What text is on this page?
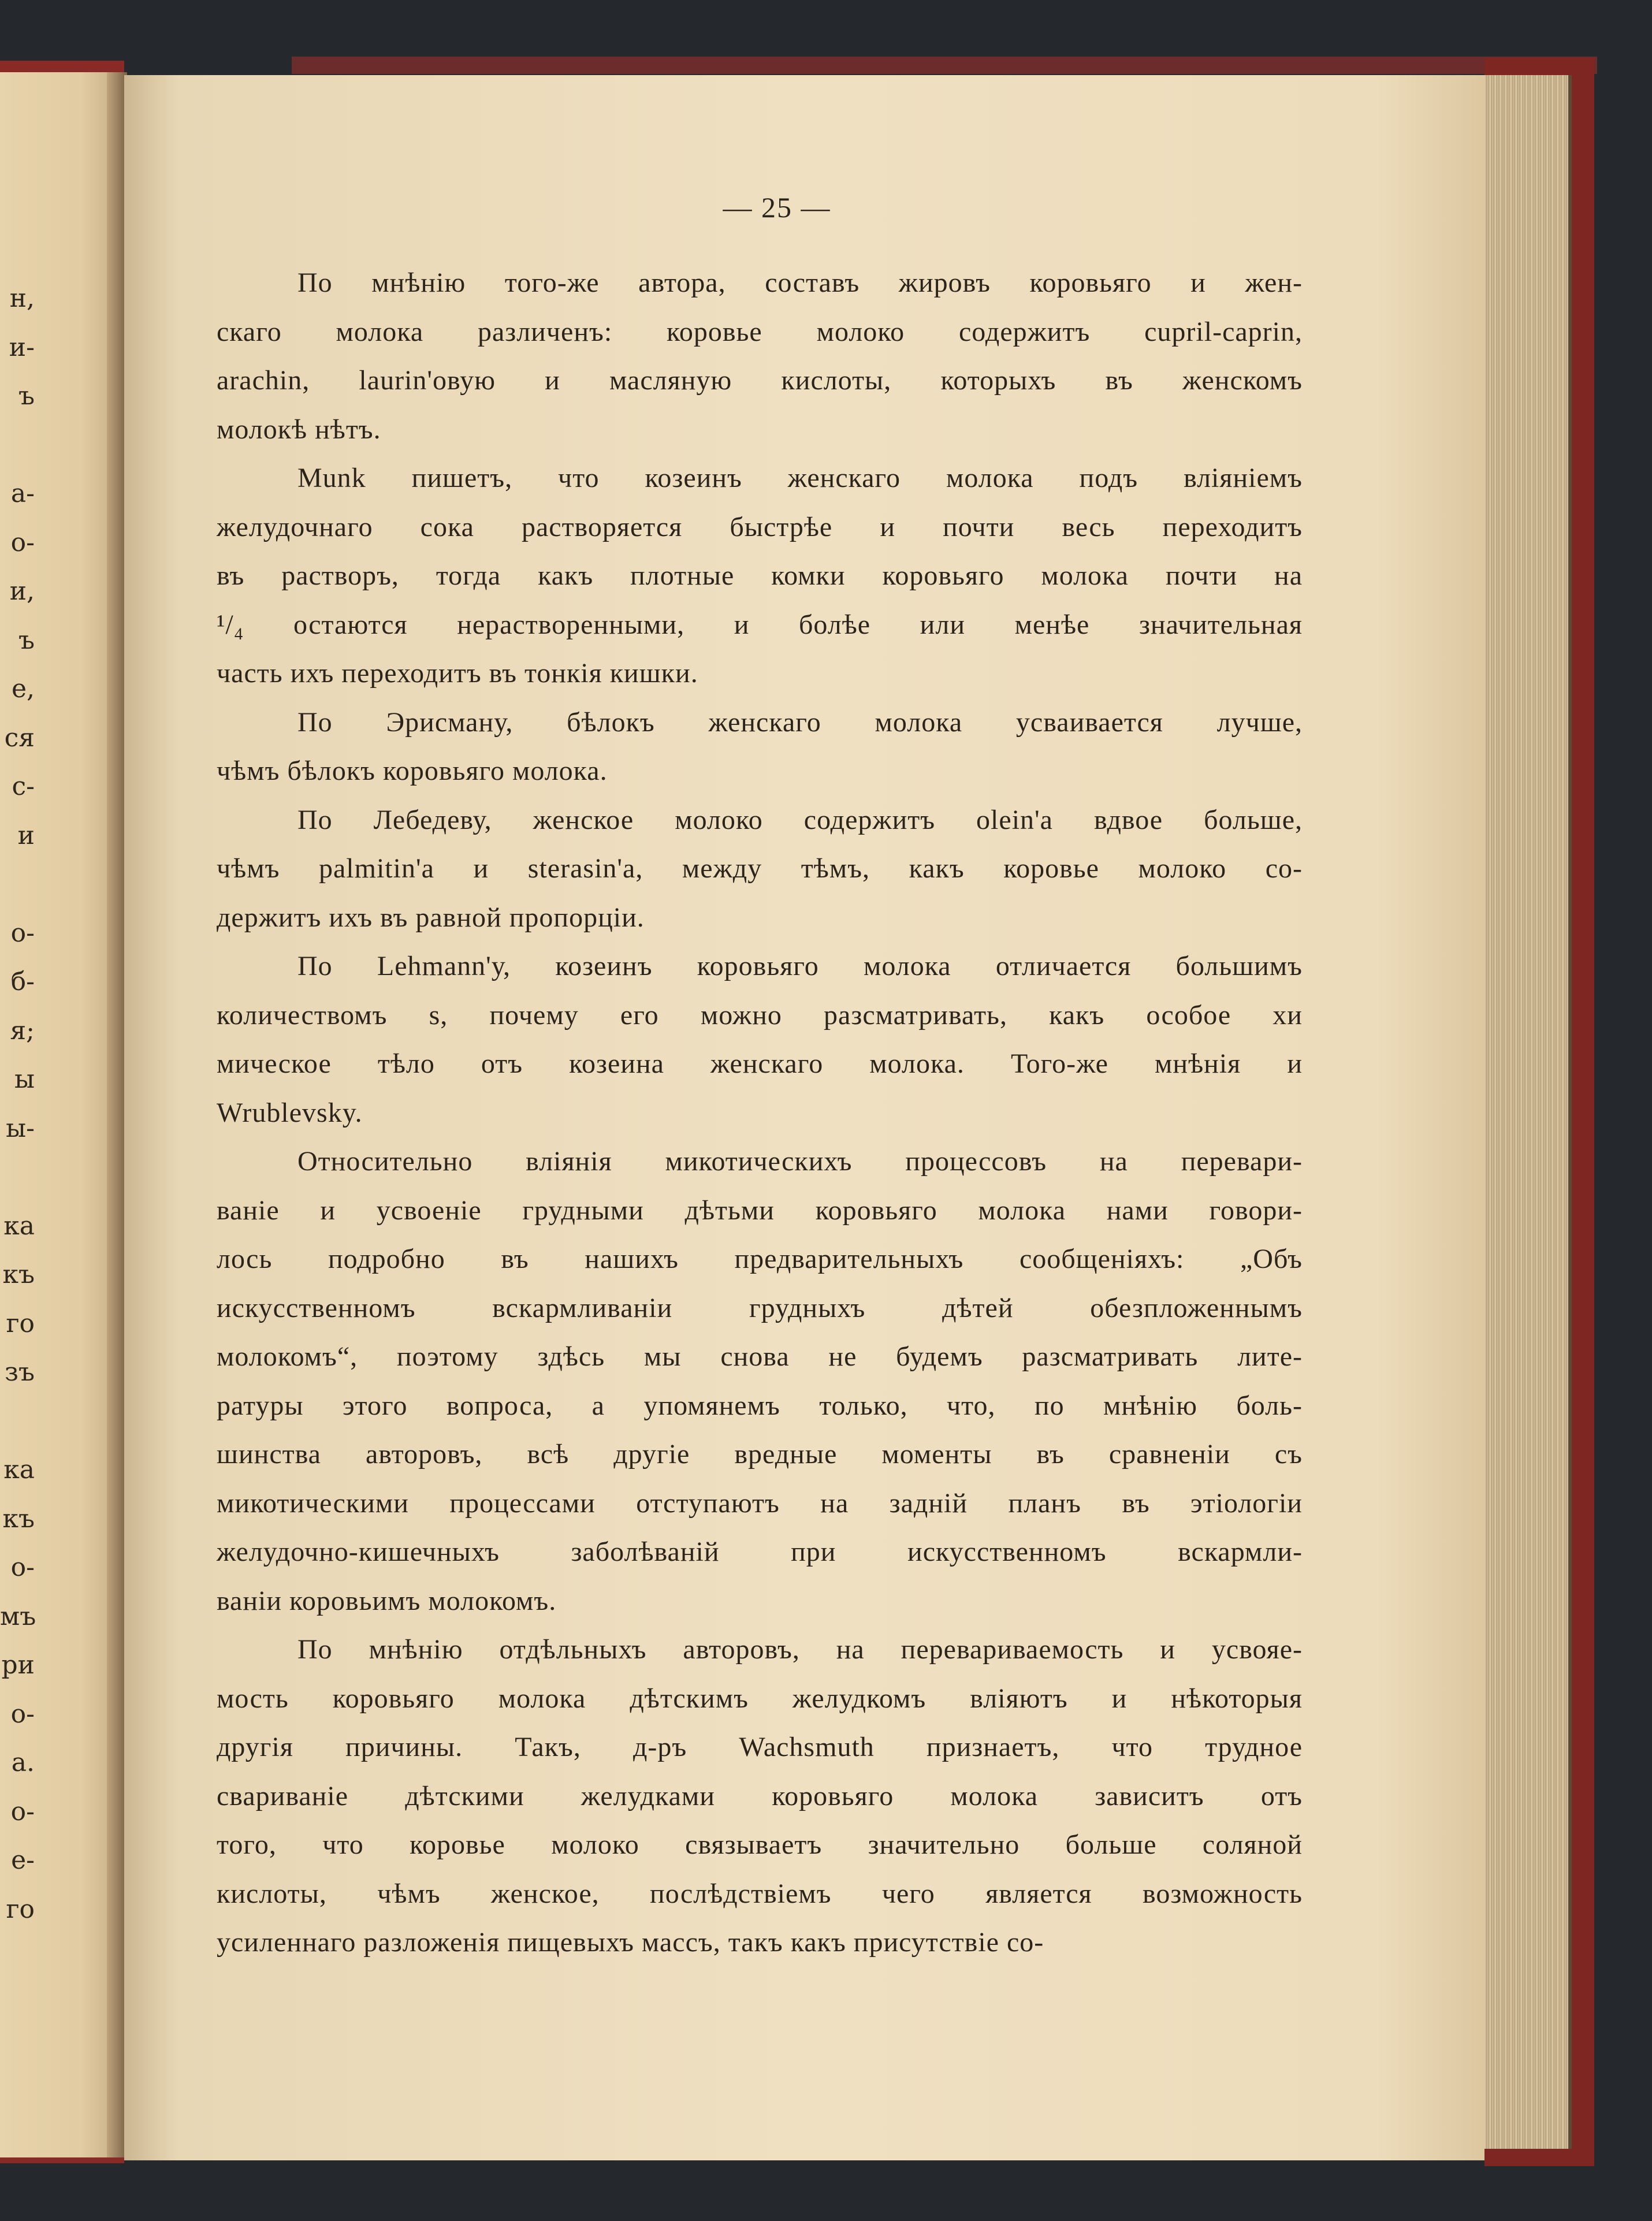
н,
и-
ъ
а-
о-
и,
ъ
е,
ся
с-
и
о-
б-
я;
ы
ы-
ка
къ
го
зъ
ка
къ
о-
мъ
ри
о-
а.
о-
е-
го
— 25 —
По мнѣнію того-же автора, составъ жировъ коровьяго и жен-
скаго молока различенъ: коровье молоко содержитъ cupril-caprin,
arachin, laurin'овую и масляную кислоты, которыхъ въ женскомъ
молокѣ нѣтъ.
Munk пишетъ, что козеинъ женскаго молока подъ вліяніемъ
желудочнаго сока растворяется быстрѣе и почти весь переходитъ
въ растворъ, тогда какъ плотные комки коровьяго молока почти на
¹/₄ остаются нерастворенными, и болѣе или менѣе значительная
часть ихъ переходитъ въ тонкія кишки.
По Эрисману, бѣлокъ женскаго молока усваивается лучше,
чѣмъ бѣлокъ коровьяго молока.
По Лебедеву, женское молоко содержитъ olein'а вдвое больше,
чѣмъ palmitin'а и sterasin'а, между тѣмъ, какъ коровье молоко со-
держитъ ихъ въ равной пропорціи.
По Lehmann'у, козеинъ коровьяго молока отличается большимъ
количествомъ s, почему его можно разсматривать, какъ особое хи
мическое тѣло отъ козеина женскаго молока. Того-же мнѣнія и
Wrublevsky.
Относительно вліянія микотическихъ процессовъ на перевари-
ваніе и усвоеніе грудными дѣтьми коровьяго молока нами говори-
лось подробно въ нашихъ предварительныхъ сообщеніяхъ: „Объ
искусственномъ вскармливаніи грудныхъ дѣтей обезпложеннымъ
молокомъ“, поэтому здѣсь мы снова не будемъ разсматривать лите-
ратуры этого вопроса, а упомянемъ только, что, по мнѣнію боль-
шинства авторовъ, всѣ другіе вредные моменты въ сравненіи съ
микотическими процессами отступаютъ на задній планъ въ этіологіи
желудочно-кишечныхъ заболѣваній при искусственномъ вскармли-
ваніи коровьимъ молокомъ.
По мнѣнію отдѣльныхъ авторовъ, на перевариваемость и усвояе-
мость коровьяго молока дѣтскимъ желудкомъ вліяютъ и нѣкоторыя
другія причины. Такъ, д-ръ Wachsmuth признаетъ, что трудное
свариваніе дѣтскими желудками коровьяго молока зависитъ отъ
того, что коровье молоко связываетъ значительно больше соляной
кислоты, чѣмъ женское, послѣдствіемъ чего является возможность
усиленнаго разложенія пищевыхъ массъ, такъ какъ присутствіе со-
